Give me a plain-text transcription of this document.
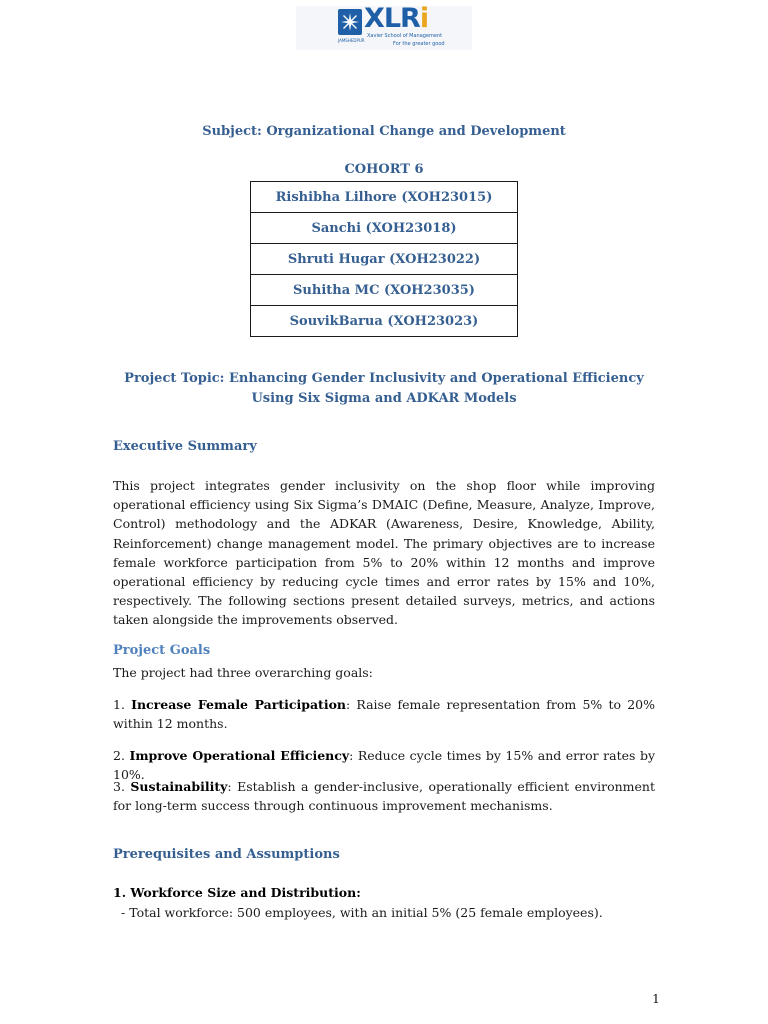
XLRi
Xavier School of Management
For the greater good
JAMSHEDPUR
Subject: Organizational Change and Development
COHORT 6
Rishibha Lilhore (XOH23015)
Sanchi (XOH23018)
Shruti Hugar (XOH23022)
Suhitha MC (XOH23035)
SouvikBarua (XOH23023)
Project Topic: Enhancing Gender Inclusivity and Operational Efficiency Using Six Sigma and ADKAR Models
Executive Summary
This project integrates gender inclusivity on the shop floor while improving operational efficiency using Six Sigma’s DMAIC (Define, Measure, Analyze, Improve, Control) methodology and the ADKAR (Awareness, Desire, Knowledge, Ability, Reinforcement) change management model. The primary objectives are to increase female workforce participation from 5% to 20% within 12 months and improve operational efficiency by reducing cycle times and error rates by 15% and 10%, respectively. The following sections present detailed surveys, metrics, and actions taken alongside the improvements observed.
Project Goals
The project had three overarching goals:
1. Increase Female Participation: Raise female representation from 5% to 20% within 12 months.
2. Improve Operational Efficiency: Reduce cycle times by 15% and error rates by 10%.
3. Sustainability: Establish a gender-inclusive, operationally efficient environment for long-term success through continuous improvement mechanisms.
Prerequisites and Assumptions
1. Workforce Size and Distribution:
- Total workforce: 500 employees, with an initial 5% (25 female employees).
1
